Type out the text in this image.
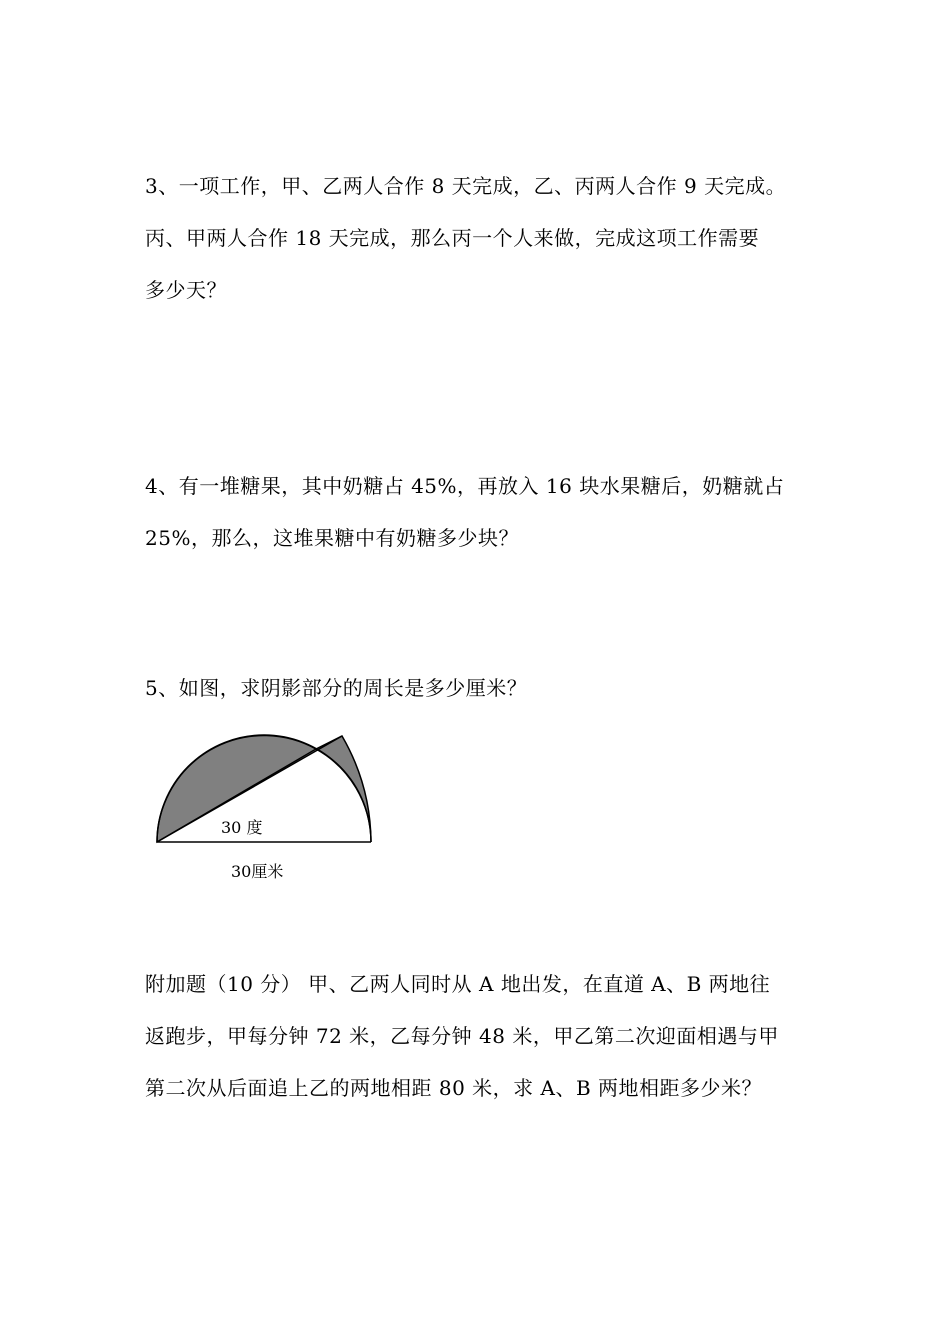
3、一项工作，甲、乙两人合作 8 天完成，乙、丙两人合作 9 天完成。
丙、甲两人合作 18 天完成，那么丙一个人来做，完成这项工作需要
多少天？
4、有一堆糖果，其中奶糖占 45%，再放入 16 块水果糖后，奶糖就占
25%，那么，这堆果糖中有奶糖多少块？
5、如图，求阴影部分的周长是多少厘米？
30 度
30厘米
附加题（10 分） 甲、乙两人同时从 A 地出发，在直道 A、B 两地往
返跑步，甲每分钟 72 米，乙每分钟 48 米，甲乙第二次迎面相遇与甲
第二次从后面追上乙的两地相距 80 米，求 A、B 两地相距多少米？
